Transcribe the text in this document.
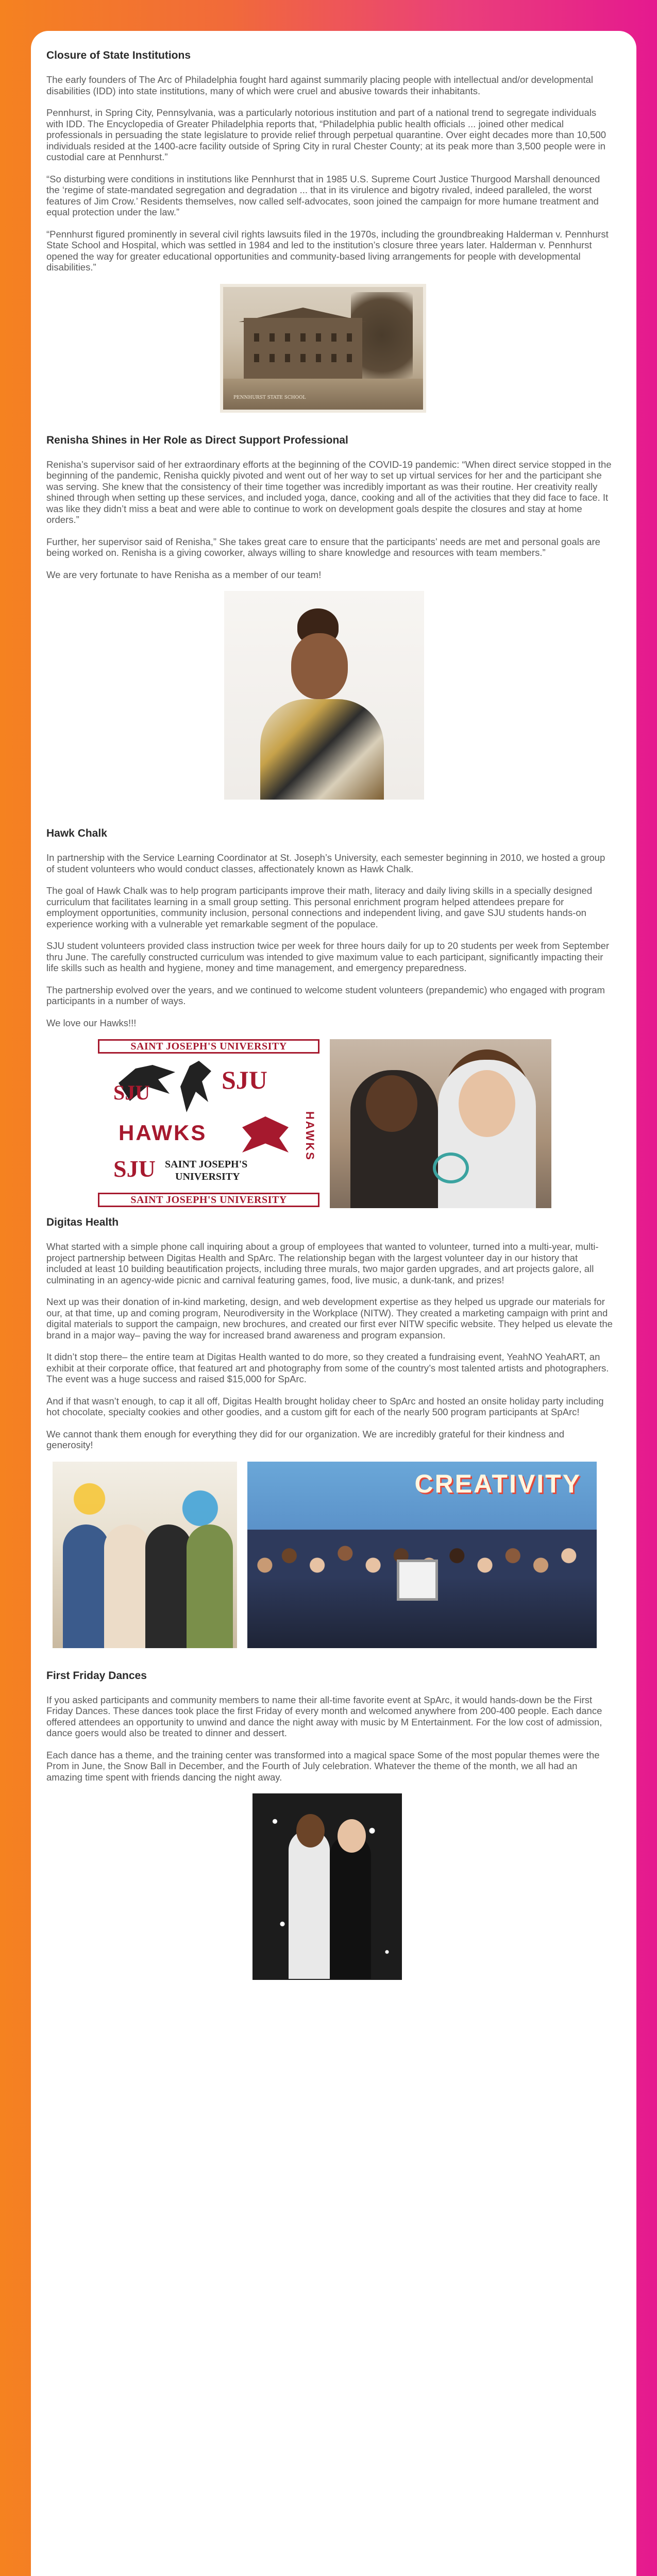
Closure of State Institutions

The early founders of The Arc of Philadelphia fought hard against summarily placing people with intellectual and/or developmental disabilities (IDD) into state institutions, many of which were cruel and abusive towards their inhabitants.

Pennhurst, in Spring City, Pennsylvania, was a particularly notorious institution and part of a national trend to segregate individuals with IDD. The Encyclopedia of Greater Philadelphia reports that, “Philadelphia public health officials ... joined other medical professionals in persuading the state legislature to provide relief through perpetual quarantine. Over eight decades more than 10,500 individuals resided at the 1400-acre facility outside of Spring City in rural Chester County; at its peak more than 3,500 people were in custodial care at Pennhurst.”

“So disturbing were conditions in institutions like Pennhurst that in 1985 U.S. Supreme Court Justice Thurgood Marshall denounced the ‘regime of state-mandated segregation and degradation ... that in its virulence and bigotry rivaled, indeed paralleled, the worst features of Jim Crow.’ Residents themselves, now called self-advocates, soon joined the campaign for more humane treatment and equal protection under the law.”

“Pennhurst figured prominently in several civil rights lawsuits filed in the 1970s, including the groundbreaking Halderman v. Pennhurst State School and Hospital, which was settled in 1984 and led to the institution’s closure three years later. Halderman v. Pennhurst opened the way for greater educational opportunities and community-based living arrangements for people with developmental disabilities.”

PENNHURST STATE SCHOOL
Renisha Shines in Her Role as Direct Support Professional

Renisha’s supervisor said of her extraordinary efforts at the beginning of the COVID-19 pandemic: “When direct service stopped in the beginning of the pandemic, Renisha quickly pivoted and went out of her way to set up virtual services for her and the participant she was serving. She knew that the consistency of their time together was incredibly important as was their routine. Her creativity really shined through when setting up these services, and included yoga, dance, cooking and all of the activities that they did face to face. It was like they didn’t miss a beat and were able to continue to work on development goals despite the closures and stay at home orders.”

Further, her supervisor said of Renisha,” She takes great care to ensure that the participants’ needs are met and personal goals are being worked on. Renisha is a giving coworker, always willing to share knowledge and resources with team members.”

We are very fortunate to have Renisha as a member of our team!

Hawk Chalk

In partnership with the Service Learning Coordinator at St. Joseph’s University, each semester beginning in 2010, we hosted a group of student volunteers who would conduct classes, affectionately known as Hawk Chalk.

The goal of Hawk Chalk was to help program participants improve their math, literacy and daily living skills in a specially designed curriculum that facilitates learning in a small group setting. This personal enrichment program helped attendees prepare for employment opportunities, community inclusion, personal connections and independent living, and gave SJU students hands-on experience working with a vulnerable yet remarkable segment of the populace.

SJU student volunteers provided class instruction twice per week for three hours daily for up to 20 students per week from September thru June. The carefully constructed curriculum was intended to give maximum value to each participant, significantly impacting their life skills such as health and hygiene, money and time management, and emergency preparedness.

The partnership evolved over the years, and we continued to welcome student volunteers (prepandemic) who engaged with program participants in a number of ways.

We love our Hawks!!!

SAINT JOSEPH'S UNIVERSITY
SJU	SJU
HAWKS
SJU SAINT JOSEPH'S
UNIVERSITY
HAWKS
SAINT JOSEPH'S UNIVERSITY
Digitas Health

What started with a simple phone call inquiring about a group of employees that wanted to volunteer, turned into a multi-year, multi-project partnership between Digitas Health and SpArc. The relationship began with the largest volunteer day in our history that included at least 10 building beautification projects, including three murals, two major garden upgrades, and art projects galore, all culminating in an agency-wide picnic and carnival featuring games, food, live music, a dunk-tank, and prizes!

Next up was their donation of in-kind marketing, design, and web development expertise as they helped us upgrade our materials for our, at that time, up and coming program, Neurodiversity in the Workplace (NITW). They created a marketing campaign with print and digital materials to support the campaign, new brochures, and created our first ever NITW specific website. They helped us elevate the brand in a major way– paving the way for increased brand awareness and program expansion.

It didn’t stop there– the entire team at Digitas Health wanted to do more, so they created a fundraising event, YeahNO YeahART, an exhibit at their corporate office, that featured art and photography from some of the country’s most talented artists and photographers. The event was a huge success and raised $15,000 for SpArc.

And if that wasn’t enough, to cap it all off, Digitas Health brought holiday cheer to SpArc and hosted an onsite holiday party including hot chocolate, specialty cookies and other goodies, and a custom gift for each of the nearly 500 program participants at SpArc!

We cannot thank them enough for everything they did for our organization. We are incredibly grateful for their kindness and generosity!

CREATIVITY
First Friday Dances

If you asked participants and community members to name their all-time favorite event at SpArc, it would hands-down be the First Friday Dances. These dances took place the first Friday of every month and welcomed anywhere from 200-400 people. Each dance offered attendees an opportunity to unwind and dance the night away with music by M Entertainment. For the low cost of admission, dance goers would also be treated to dinner and dessert.

Each dance has a theme, and the training center was transformed into a magical space Some of the most popular themes were the Prom in June, the Snow Ball in December, and the Fourth of July celebration. Whatever the theme of the month, we all had an amazing time spent with friends dancing the night away.
